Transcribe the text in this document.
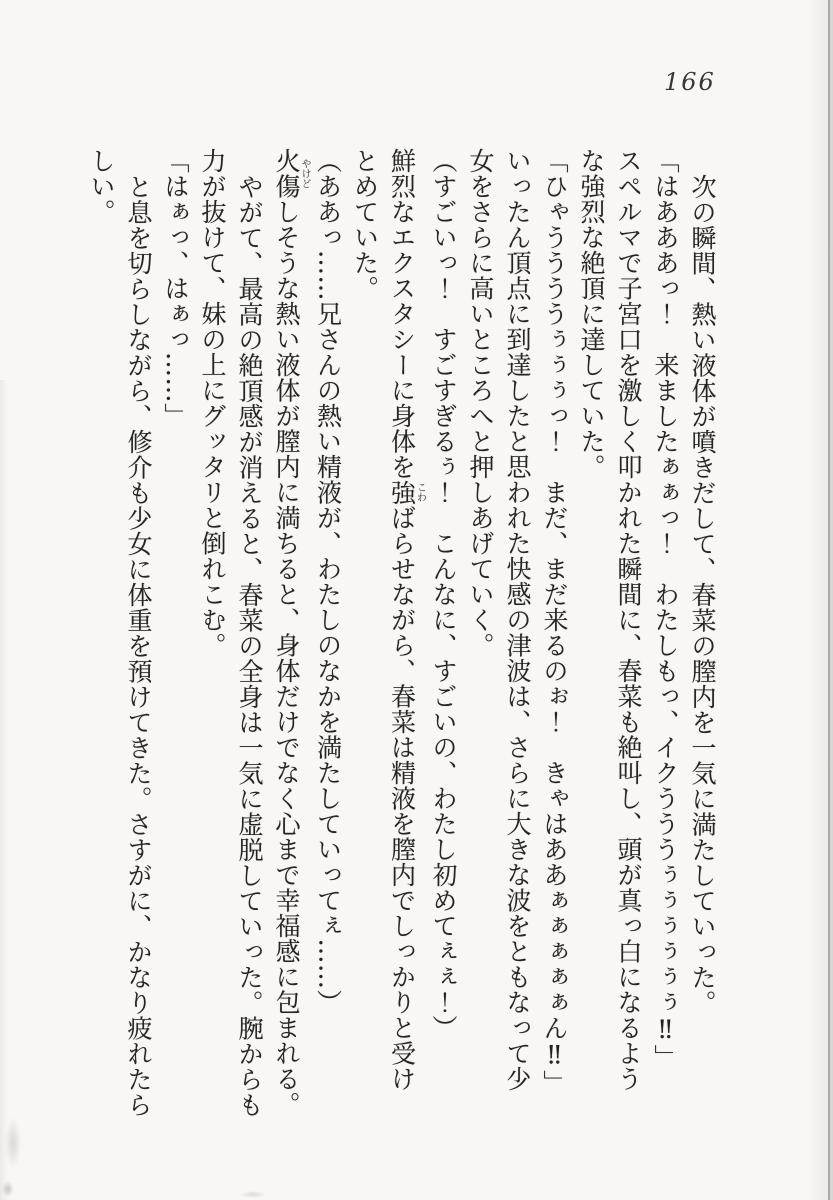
166

次の瞬間、熱い液体が噴きだして、春菜の膣内を一気に満たしていった。

「はあああっ！　来ましたぁぁっ！　わたしもっ、イクうううぅぅぅぅぅぅ‼」

スペルマで子宮口を激しく叩かれた瞬間に、春菜も絶叫し、頭が真っ白になるよう

な強烈な絶頂に達していた。

「ひゃううううぅぅぅっ！　まだ、まだ来るのぉ！　きゃはああぁぁぁぁぁん‼」

いったん頂点に到達したと思われた快感の津波は、さらに大きな波をともなって少

女をさらに高いところへと押しあげていく。

（すごいっ！　すごすぎるぅ！　こんなに、すごいの、わたし初めてぇぇ！）

鮮烈なエクスタシーに身体を強こわばらせながら、春菜は精液を膣内でしっかりと受け

とめていた。

（ああっ……兄さんの熱い精液が、わたしのなかを満たしていってぇ……）

火傷やけどしそうな熱い液体が膣内に満ちると、身体だけでなく心まで幸福感に包まれる。

やがて、最高の絶頂感が消えると、春菜の全身は一気に虚脱していった。腕からも

力が抜けて、妹の上にグッタリと倒れこむ。

「はぁっ、はぁっ……」

と息を切らしながら、修介も少女に体重を預けてきた。さすがに、かなり疲れたら

しい。
